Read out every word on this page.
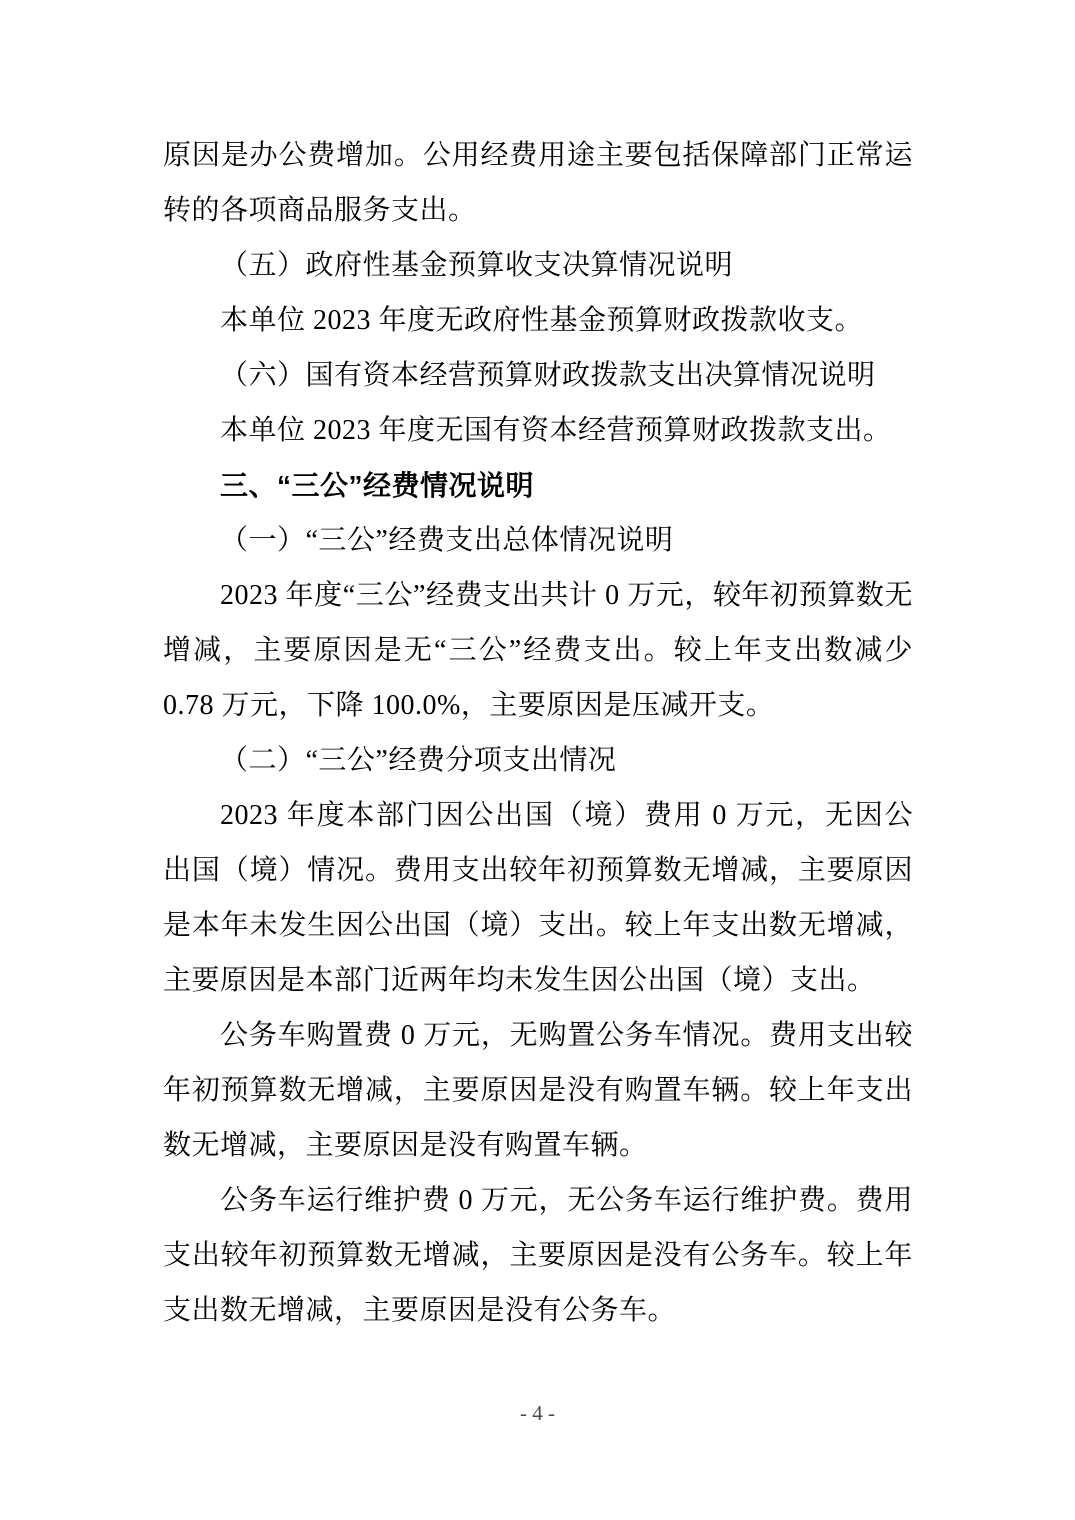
原因是办公费增加。公用经费用途主要包括保障部门正常运转的各项商品服务支出。

（五）政府性基金预算收支决算情况说明

本单位 2023 年度无政府性基金预算财政拨款收支。

（六）国有资本经营预算财政拨款支出决算情况说明

本单位 2023 年度无国有资本经营预算财政拨款支出。

三、“三公”经费情况说明

（一）“三公”经费支出总体情况说明

2023 年度“三公”经费支出共计 0 万元，较年初预算数无增减，主要原因是无“三公”经费支出。较上年支出数减少 0.78 万元，下降 100.0%，主要原因是压减开支。

（二）“三公”经费分项支出情况

2023 年度本部门因公出国（境）费用 0 万元，无因公出国（境）情况。费用支出较年初预算数无增减，主要原因是本年未发生因公出国（境）支出。较上年支出数无增减，主要原因是本部门近两年均未发生因公出国（境）支出。

公务车购置费 0 万元，无购置公务车情况。费用支出较年初预算数无增减，主要原因是没有购置车辆。较上年支出数无增减，主要原因是没有购置车辆。

公务车运行维护费 0 万元，无公务车运行维护费。费用支出较年初预算数无增减，主要原因是没有公务车。较上年支出数无增减，主要原因是没有公务车。

- 4 -
